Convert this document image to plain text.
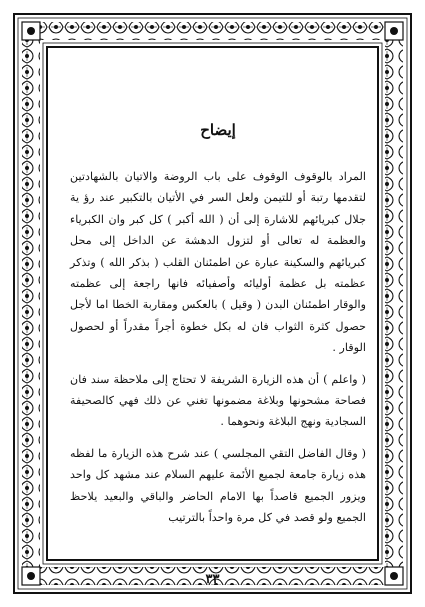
إيضاح

المراد بالوقوف الوقوف على باب الروضة والاتيان بالشهادتين لتقدمها رتبة أو للتيمن ولعل السر في الأتيان بالتكبير عند رؤ ية جلال كبريائهم للاشارة إلى أن ( الله أكبر ) كل كبر وان الكبرياء والعظمة له تعالى أو لتزول الدهشة عن الداخل إلى محل كبريائهم والسكينة عبارة عن اطمئنان القلب ( بذكر الله ) وتذكر عظمته بل عظمة أوليائه وأصفيائه فانها راجعة إلى عظمته والوقار اطمئنان البدن ( وقيل ) بالعكس ومقاربة الخطا اما لأجل حصول كثرة الثواب فان له بكل خطوة أجراً مقدراً أو لحصول الوقار .

( واعلم ) أن هذه الزيارة الشريفة لا تحتاج إلى ملاحظة سند فان فصاحة مشحونها وبلاغة مضمونها تغني عن ذلك فهي كالصحيفة السجادية ونهج البلاغة ونحوهما .

( وقال الفاضل التقي المجلسي ) عند شرح هذه الزيارة ما لفظه هذه زيارة جامعة لجميع الأئمة عليهم السلام عند مشهد كل واحد ويزور الجميع قاصداً بها الامام الحاضر والباقي والبعيد يلاحظ الجميع ولو قصد في كل مرة واحداً بالترتيب

٣٣
